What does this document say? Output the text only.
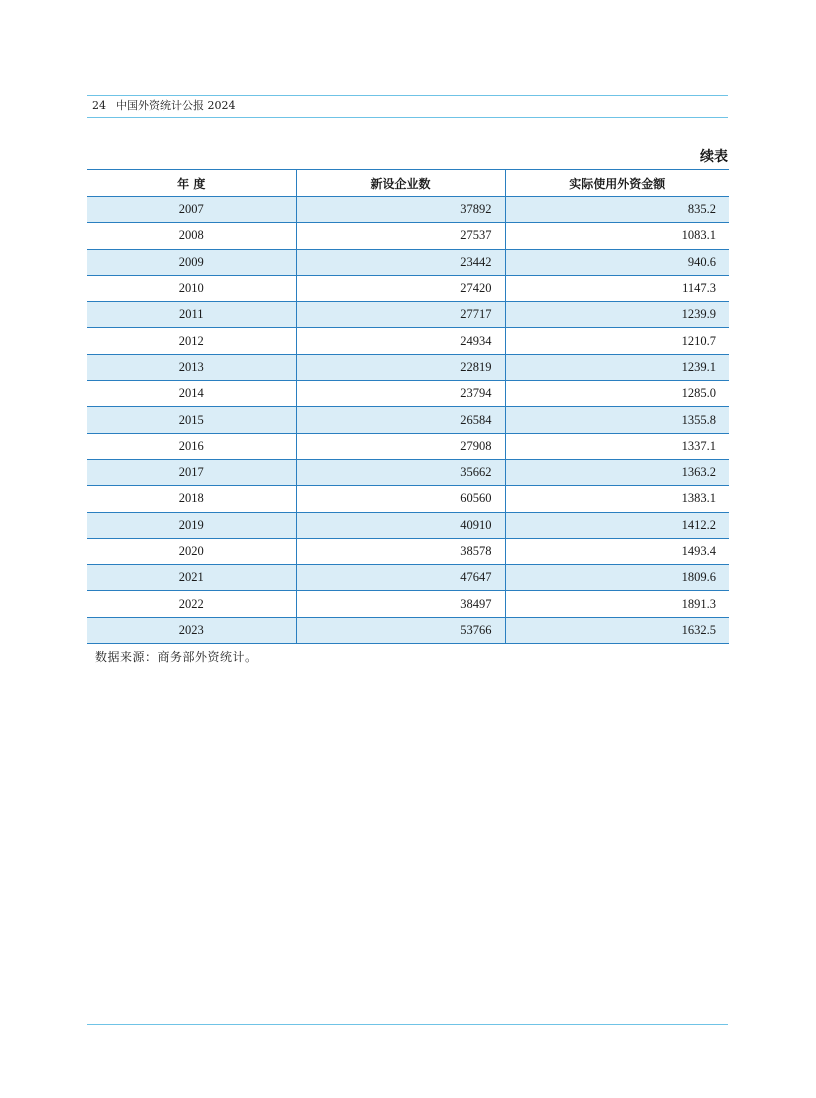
24 中国外资统计公报 2024
续表
年 度	新设企业数	实际使用外资金额
2007	37892	835.2
2008	27537	1083.1
2009	23442	940.6
2010	27420	1147.3
2011	27717	1239.9
2012	24934	1210.7
2013	22819	1239.1
2014	23794	1285.0
2015	26584	1355.8
2016	27908	1337.1
2017	35662	1363.2
2018	60560	1383.1
2019	40910	1412.2
2020	38578	1493.4
2021	47647	1809.6
2022	38497	1891.3
2023	53766	1632.5
数据来源：商务部外资统计。
